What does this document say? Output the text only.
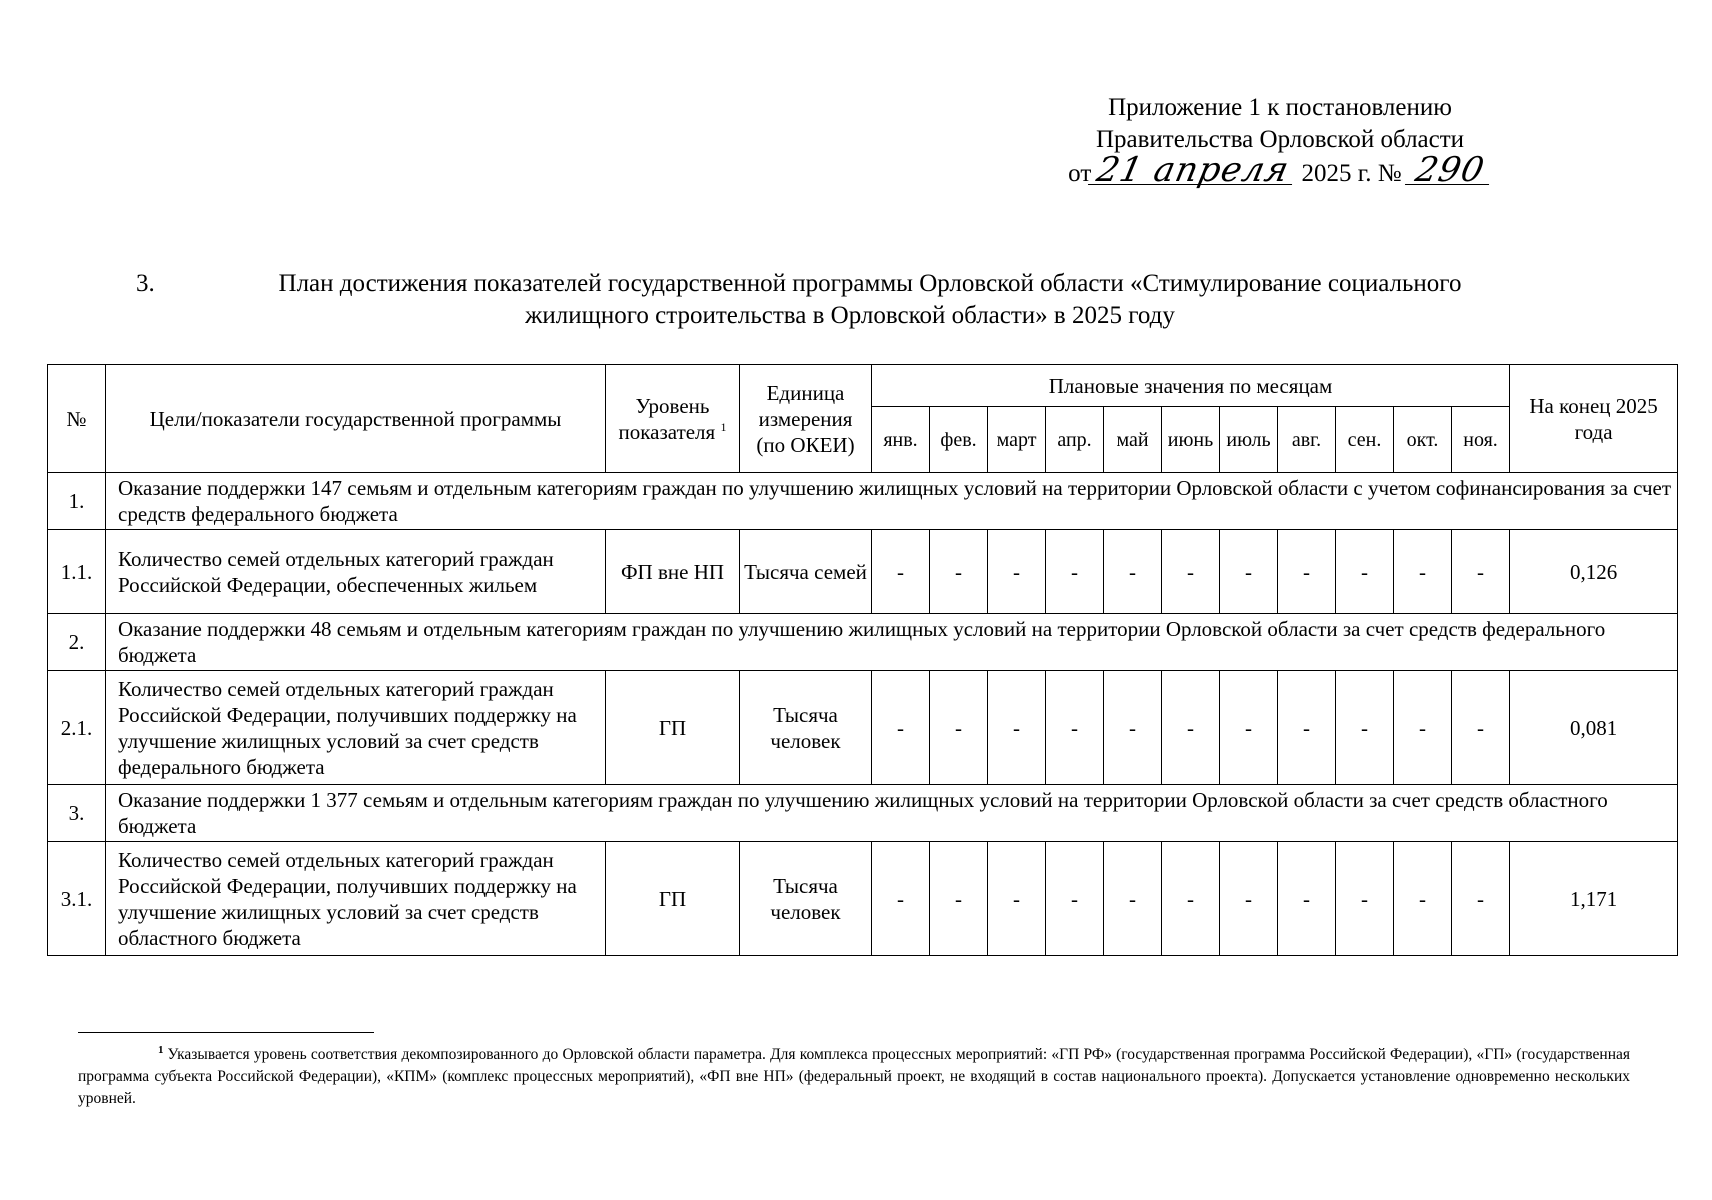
Приложение 1 к постановлению
Правительства Орловской области
от21 апреля 2025 г. № 290
3.	План достижения показателей государственной программы Орловской области «Стимулирование социального
жилищного строительства в Орловской области» в 2025 году
№	Цели/показатели государственной программы	Уровень показателя $^1$	Единица измерения (по ОКЕИ)	Плановые значения по месяцам											На конец 2025 года
				янв.	фев.	март	апр.	май	июнь	июль	авг.	сен.	окт.	ноя.	
1.	Оказание поддержки 147 семьям и отдельным категориям граждан по улучшению жилищных условий на территории Орловской области с учетом софинансирования за счет средств федерального бюджета														
1.1.	Количество семей отдельных категорий граждан Российской Федерации, обеспеченных жильем	ФП вне НП	Тысяча семей	-	-	-	-	-	-	-	-	-	-	-	0,126
2.	Оказание поддержки 48 семьям и отдельным категориям граждан по улучшению жилищных условий на территории Орловской области за счет средств федерального бюджета														
2.1.	Количество семей отдельных категорий граждан Российской Федерации, получивших поддержку на улучшение жилищных условий за счет средств федерального бюджета	ГП	Тысяча человек	-	-	-	-	-	-	-	-	-	-	-	0,081
3.	Оказание поддержки 1 377 семьям и отдельным категориям граждан по улучшению жилищных условий на территории Орловской области за счет средств областного бюджета														
3.1.	Количество семей отдельных категорий граждан Российской Федерации, получивших поддержку на улучшение жилищных условий за счет средств областного бюджета	ГП	Тысяча человек	-	-	-	-	-	-	-	-	-	-	-	1,171
$^1$ Указывается уровень соответствия декомпозированного до Орловской области параметра. Для комплекса процессных мероприятий: «ГП РФ» (государственная программа Российской Федерации), «ГП» (государственная программа субъекта Российской Федерации), «КПМ» (комплекс процессных мероприятий), «ФП вне НП» (федеральный проект, не входящий в состав национального проекта). Допускается установление одновременно нескольких уровней.
